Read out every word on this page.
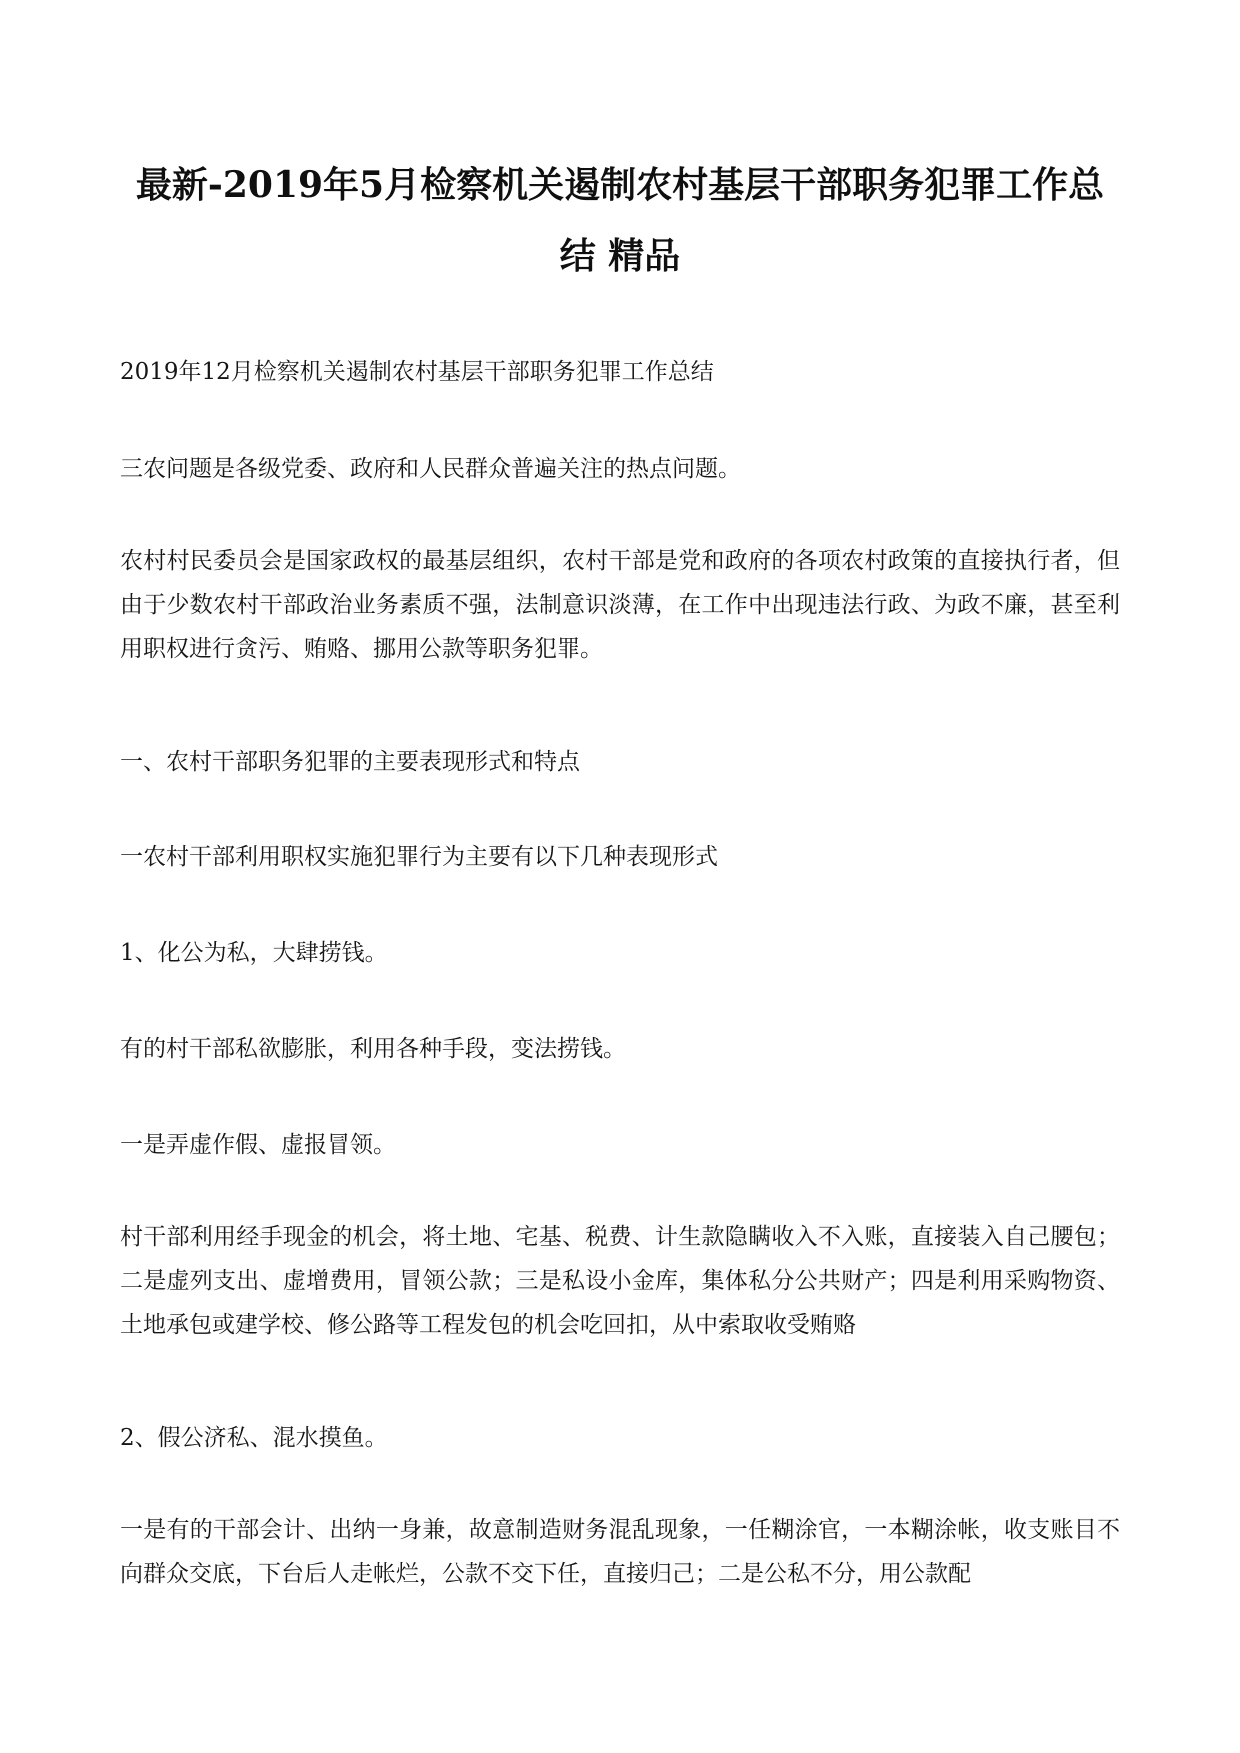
最新-2019年5月检察机关遏制农村基层干部职务犯罪工作总
结 精品

2019年12月检察机关遏制农村基层干部职务犯罪工作总结

三农问题是各级党委、政府和人民群众普遍关注的热点问题。

农村村民委员会是国家政权的最基层组织，农村干部是党和政府的各项农村政策的直接执行者，但由于少数农村干部政治业务素质不强，法制意识淡薄，在工作中出现违法行政、为政不廉，甚至利用职权进行贪污、贿赂、挪用公款等职务犯罪。

一、农村干部职务犯罪的主要表现形式和特点

一农村干部利用职权实施犯罪行为主要有以下几种表现形式

1、化公为私，大肆捞钱。

有的村干部私欲膨胀，利用各种手段，变法捞钱。

一是弄虚作假、虚报冒领。

村干部利用经手现金的机会，将土地、宅基、税费、计生款隐瞒收入不入账，直接装入自己腰包；二是虚列支出、虚增费用，冒领公款；三是私设小金库，集体私分公共财产；四是利用采购物资、土地承包或建学校、修公路等工程发包的机会吃回扣，从中索取收受贿赂

2、假公济私、混水摸鱼。

一是有的干部会计、出纳一身兼，故意制造财务混乱现象，一任糊涂官，一本糊涂帐，收支账目不向群众交底，下台后人走帐烂，公款不交下任，直接归己；二是公私不分，用公款配
